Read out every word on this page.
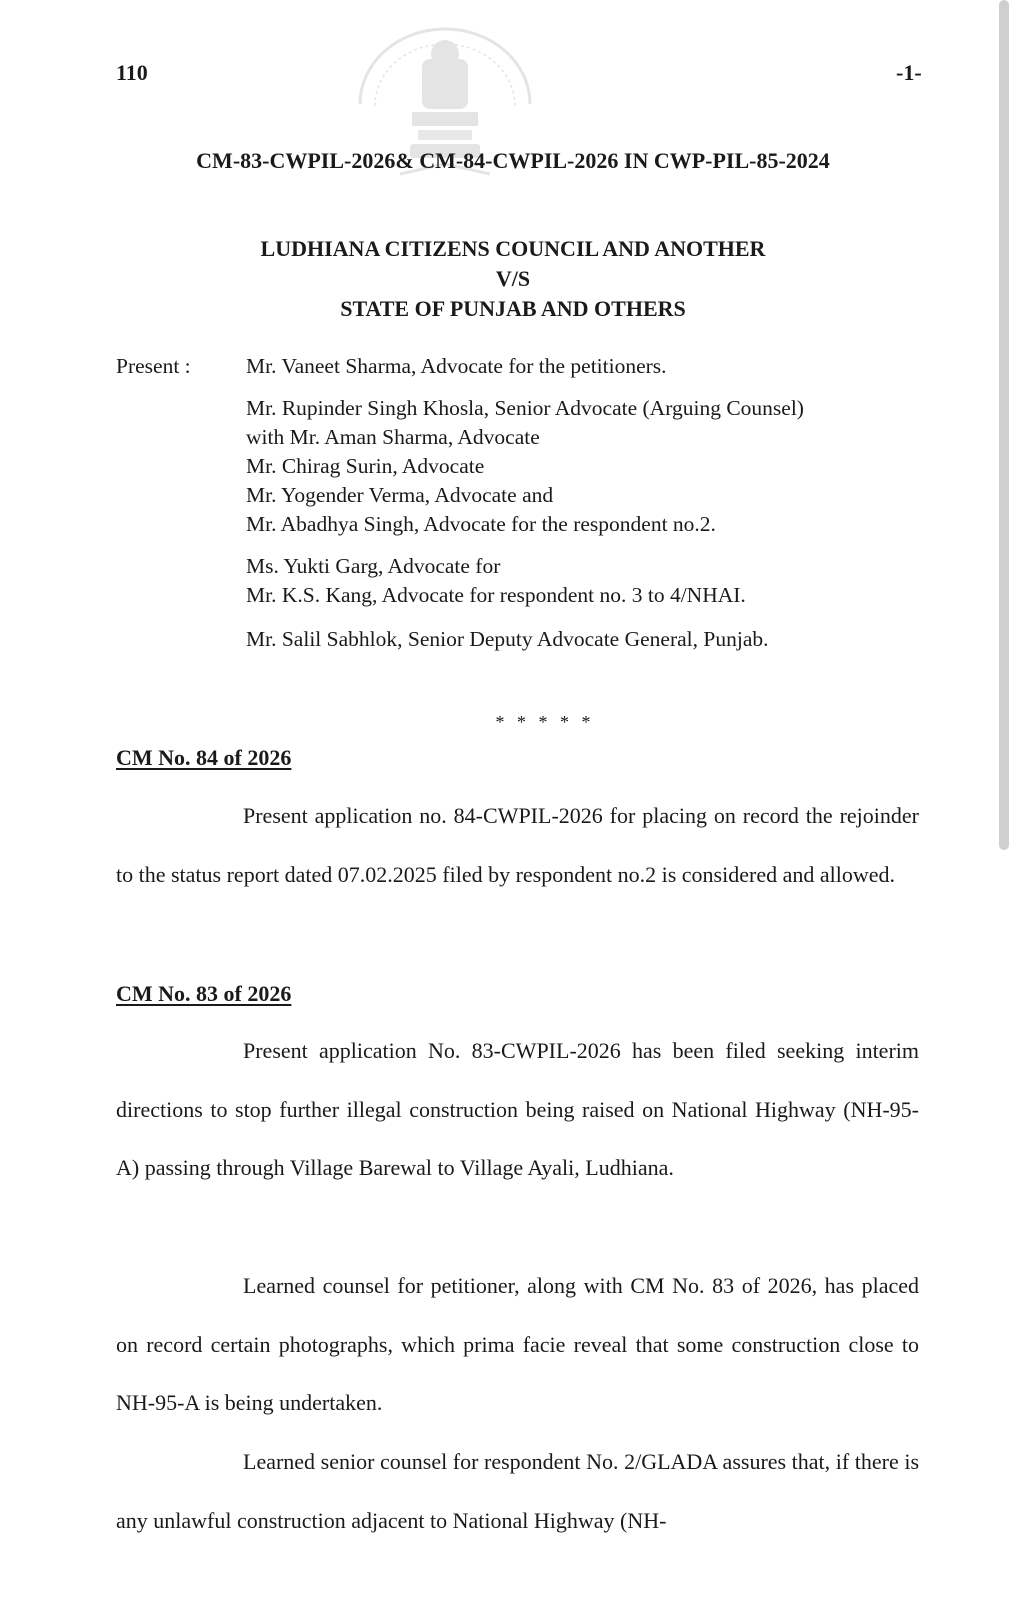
110	-1-
CM-83-CWPIL-2026& CM-84-CWPIL-2026 IN CWP-PIL-85-2024
LUDHIANA CITIZENS COUNCIL AND ANOTHER
V/S
STATE OF PUNJAB AND OTHERS
Present :	Mr. Vaneet Sharma, Advocate for the petitioners.
Mr. Rupinder Singh Khosla, Senior Advocate (Arguing Counsel)
with Mr. Aman Sharma, Advocate
Mr. Chirag Surin, Advocate
Mr. Yogender Verma, Advocate and
Mr. Abadhya Singh, Advocate for the respondent no.2.
Ms. Yukti Garg, Advocate for
Mr. K.S. Kang, Advocate for respondent no. 3 to 4/NHAI.
Mr. Salil Sabhlok, Senior Deputy Advocate General, Punjab.
* * * * *
CM No. 84 of 2026

Present application no. 84-CWPIL-2026 for placing on record the rejoinder to the status report dated 07.02.2025 filed by respondent no.2 is considered and allowed.

CM No. 83 of 2026

Present application No. 83-CWPIL-2026 has been filed seeking interim directions to stop further illegal construction being raised on National Highway (NH-95-A) passing through Village Barewal to Village Ayali, Ludhiana.

Learned counsel for petitioner, along with CM No. 83 of 2026, has placed on record certain photographs, which prima facie reveal that some construction close to NH-95-A is being undertaken.

Learned senior counsel for respondent No. 2/GLADA assures that, if there is any unlawful construction adjacent to National Highway (NH-
